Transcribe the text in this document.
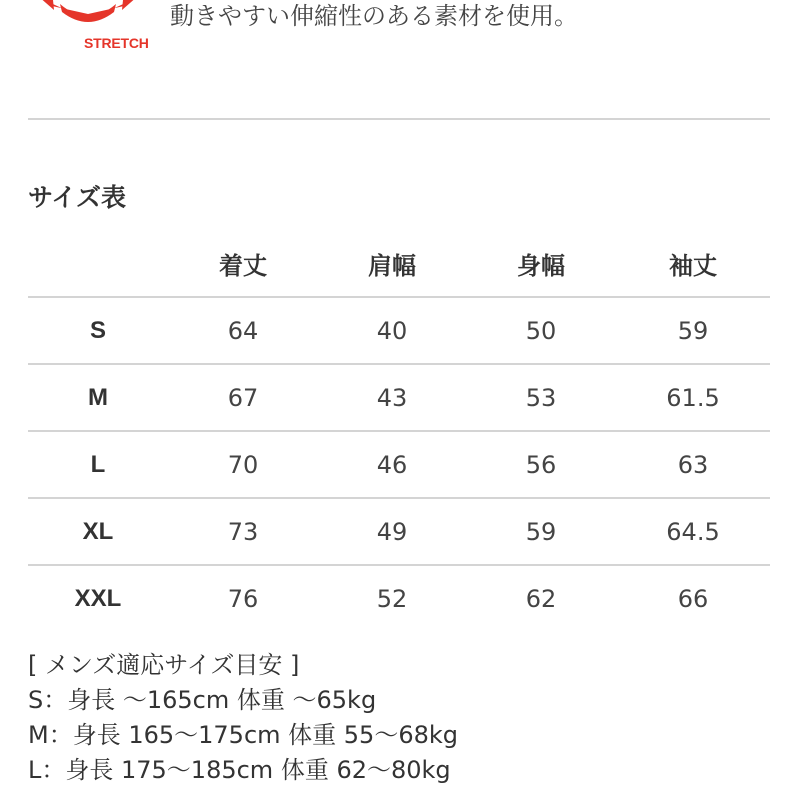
STRETCH
動きやすい伸縮性のある素材を使用。
サイズ表
	着丈	肩幅	身幅	袖丈
S	64	40	50	59
M	67	43	53	61.5
L	70	46	56	63
XL	73	49	59	64.5
XXL	76	52	62	66
[ メンズ適応サイズ目安 ]
S：身長 〜165cm 体重 〜65kg
M：身長 165〜175cm 体重 55〜68kg
L：身長 175〜185cm 体重 62〜80kg
